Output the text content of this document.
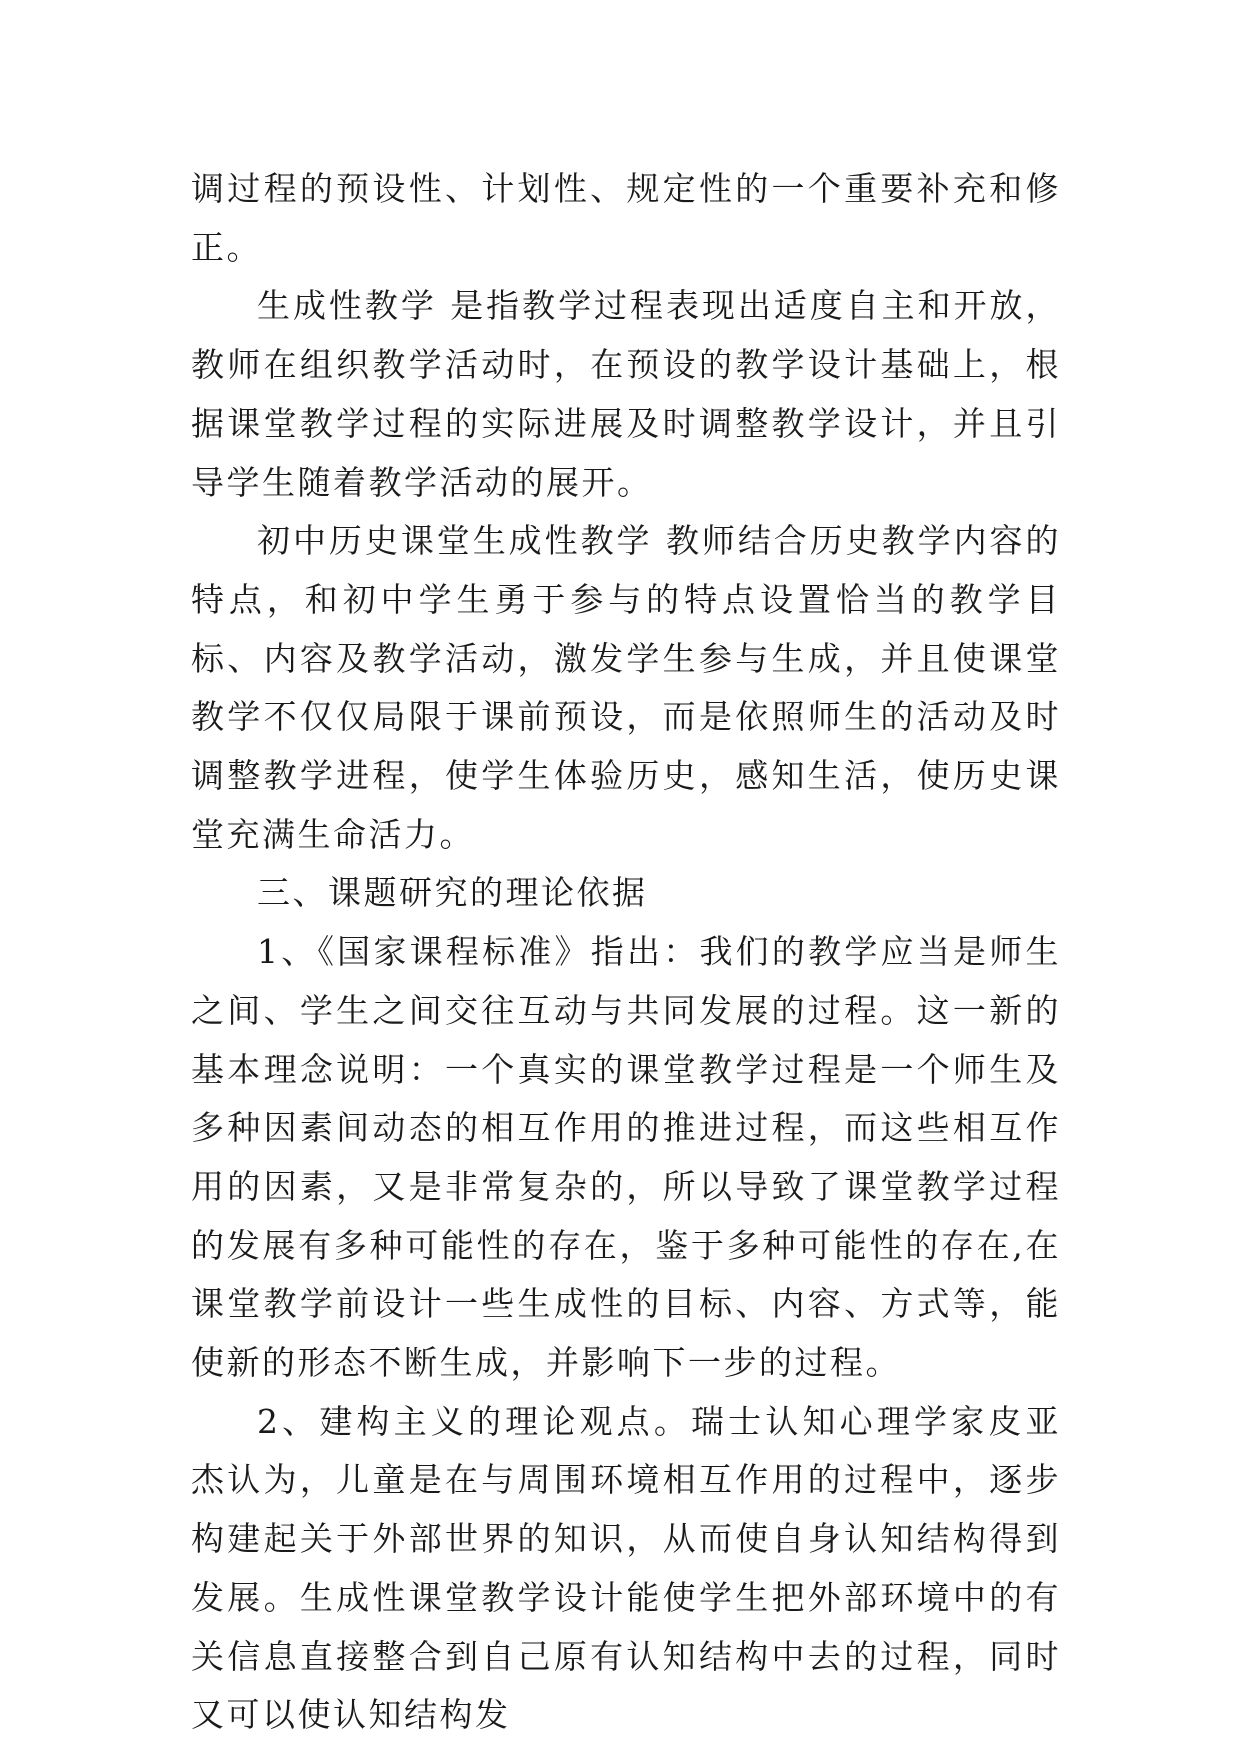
调过程的预设性、计划性、规定性的一个重要补充和修正。

生成性教学 是指教学过程表现出适度自主和开放，教师在组织教学活动时，在预设的教学设计基础上，根据课堂教学过程的实际进展及时调整教学设计，并且引导学生随着教学活动的展开。

初中历史课堂生成性教学 教师结合历史教学内容的特点，和初中学生勇于参与的特点设置恰当的教学目标、内容及教学活动，激发学生参与生成，并且使课堂教学不仅仅局限于课前预设，而是依照师生的活动及时调整教学进程，使学生体验历史，感知生活，使历史课堂充满生命活力。

三、课题研究的理论依据

1、《国家课程标准》指出：我们的教学应当是师生之间、学生之间交往互动与共同发展的过程。这一新的基本理念说明：一个真实的课堂教学过程是一个师生及多种因素间动态的相互作用的推进过程，而这些相互作用的因素，又是非常复杂的，所以导致了课堂教学过程的发展有多种可能性的存在，鉴于多种可能性的存在,在课堂教学前设计一些生成性的目标、内容、方式等，能使新的形态不断生成，并影响下一步的过程。

2、建构主义的理论观点。瑞士认知心理学家皮亚杰认为，儿童是在与周围环境相互作用的过程中，逐步构建起关于外部世界的知识，从而使自身认知结构得到发展。生成性课堂教学设计能使学生把外部环境中的有关信息直接整合到自己原有认知结构中去的过程，同时又可以使认知结构发
